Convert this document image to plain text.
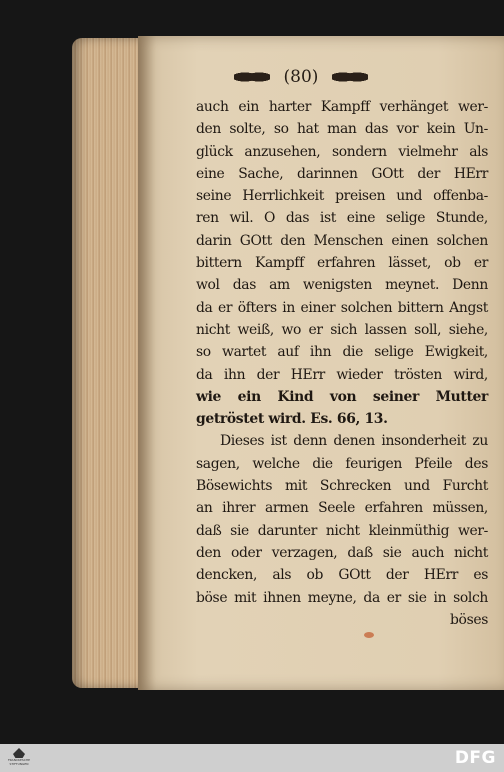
(80)
auch ein harter Kampff verhänget wer-
den solte, so hat man das vor kein Un-
glück anzusehen, sondern vielmehr als
eine Sache, darinnen GOtt der HErr
seine Herrlichkeit preisen und offenba-
ren wil. O das ist eine selige Stunde,
darin GOtt den Menschen einen solchen
bittern Kampff erfahren lässet, ob er
wol das am wenigsten meynet. Denn
da er öfters in einer solchen bittern Angst
nicht weiß, wo er sich lassen soll, siehe,
so wartet auf ihn die selige Ewigkeit,
da ihn der HErr wieder trösten wird,
wie ein Kind von seiner Mutter
getröstet wird. Es. 66, 13.
Dieses ist denn denen insonderheit zu
sagen, welche die feurigen Pfeile des
Bösewichts mit Schrecken und Furcht
an ihrer armen Seele erfahren müssen,
daß sie darunter nicht kleinmüthig wer-
den oder verzagen, daß sie auch nicht
dencken, als ob GOtt der HErr es
böse mit ihnen meyne, da er sie in solch
böses
FRANCKESCHE STIFTUNGEN	DFG
